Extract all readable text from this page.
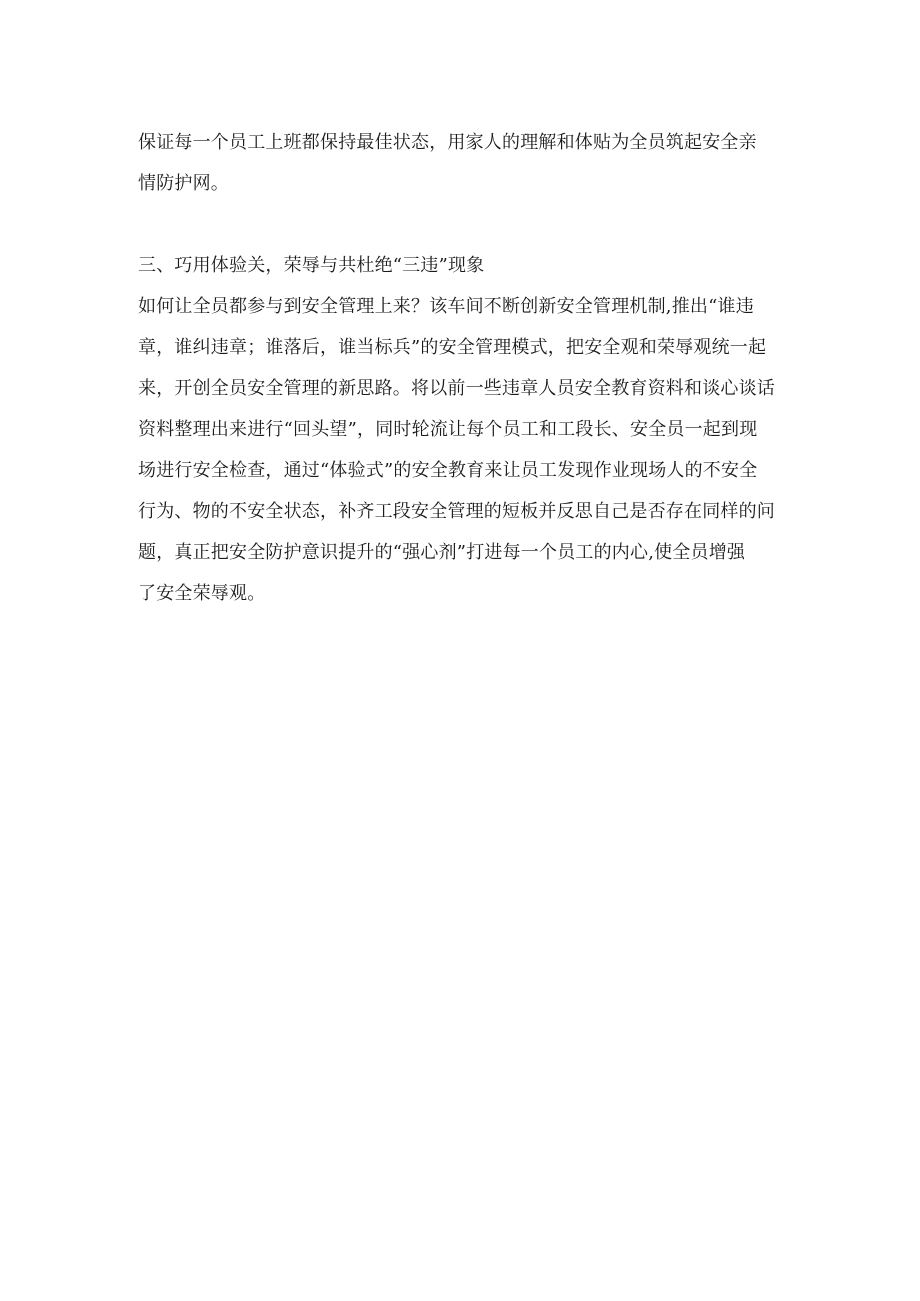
保证每一个员工上班都保持最佳状态，用家人的理解和体贴为全员筑起安全亲
情防护网。
三、巧用体验关，荣辱与共杜绝“三违”现象
如何让全员都参与到安全管理上来？该车间不断创新安全管理机制,推出“谁违
章，谁纠违章；谁落后，谁当标兵”的安全管理模式，把安全观和荣辱观统一起
来，开创全员安全管理的新思路。将以前一些违章人员安全教育资料和谈心谈话
资料整理出来进行“回头望”，同时轮流让每个员工和工段长、安全员一起到现
场进行安全检查，通过“体验式”的安全教育来让员工发现作业现场人的不安全
行为、物的不安全状态，补齐工段安全管理的短板并反思自己是否存在同样的问
题，真正把安全防护意识提升的“强心剂”打进每一个员工的内心,使全员增强
了安全荣辱观。
